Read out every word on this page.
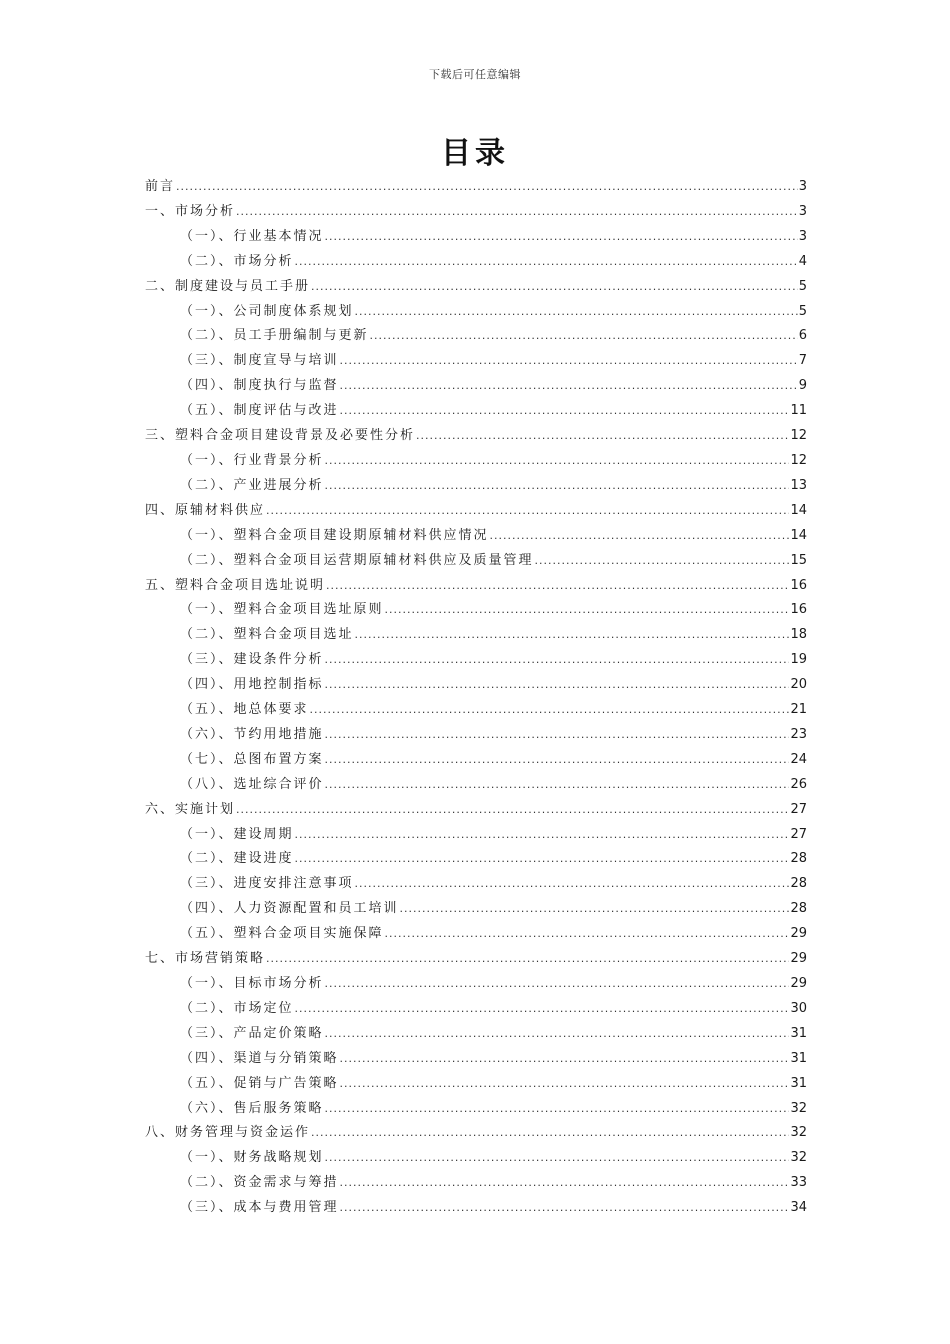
下载后可任意编辑
目录
前言 .....	3
一、市场分析 .....	3
（一）、行业基本情况 .....	3
（二）、市场分析 .....	4
二、制度建设与员工手册 .....	5
（一）、公司制度体系规划 .....	5
（二）、员工手册编制与更新 .....	6
（三）、制度宣导与培训 .....	7
（四）、制度执行与监督 .....	9
（五）、制度评估与改进 .....	11
三、塑料合金项目建设背景及必要性分析 .....	12
（一）、行业背景分析 .....	12
（二）、产业进展分析 .....	13
四、原辅材料供应 .....	14
（一）、塑料合金项目建设期原辅材料供应情况 .....	14
（二）、塑料合金项目运营期原辅材料供应及质量管理 .....	15
五、塑料合金项目选址说明 .....	16
（一）、塑料合金项目选址原则 .....	16
（二）、塑料合金项目选址 .....	18
（三）、建设条件分析 .....	19
（四）、用地控制指标 .....	20
（五）、地总体要求 .....	21
（六）、节约用地措施 .....	23
（七）、总图布置方案 .....	24
（八）、选址综合评价 .....	26
六、实施计划 .....	27
（一）、建设周期 .....	27
（二）、建设进度 .....	28
（三）、进度安排注意事项 .....	28
（四）、人力资源配置和员工培训 .....	28
（五）、塑料合金项目实施保障 .....	29
七、市场营销策略 .....	29
（一）、目标市场分析 .....	29
（二）、市场定位 .....	30
（三）、产品定价策略 .....	31
（四）、渠道与分销策略 .....	31
（五）、促销与广告策略 .....	31
（六）、售后服务策略 .....	32
八、财务管理与资金运作 .....	32
（一）、财务战略规划 .....	32
（二）、资金需求与筹措 .....	33
（三）、成本与费用管理 .....	34
